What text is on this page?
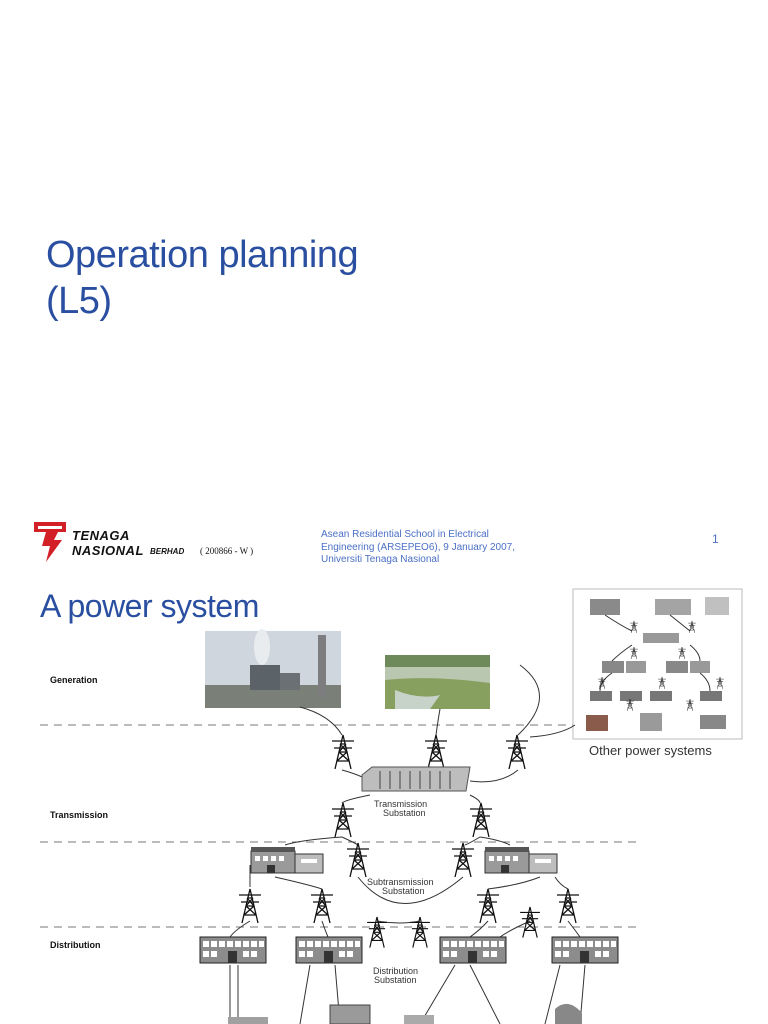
Operation planning
(L5)
TENAGA
NASIONAL BERHAD ( 200866 - W )
Asean Residential School in Electrical
Engineering (ARSEPEO6), 9 January 2007,
Universiti Tenaga Nasional
1
A power system
Generation
Transmission
Distribution
Other power systems
Transmission
Substation
Subtransmission
Substation
Distribution
Substation
